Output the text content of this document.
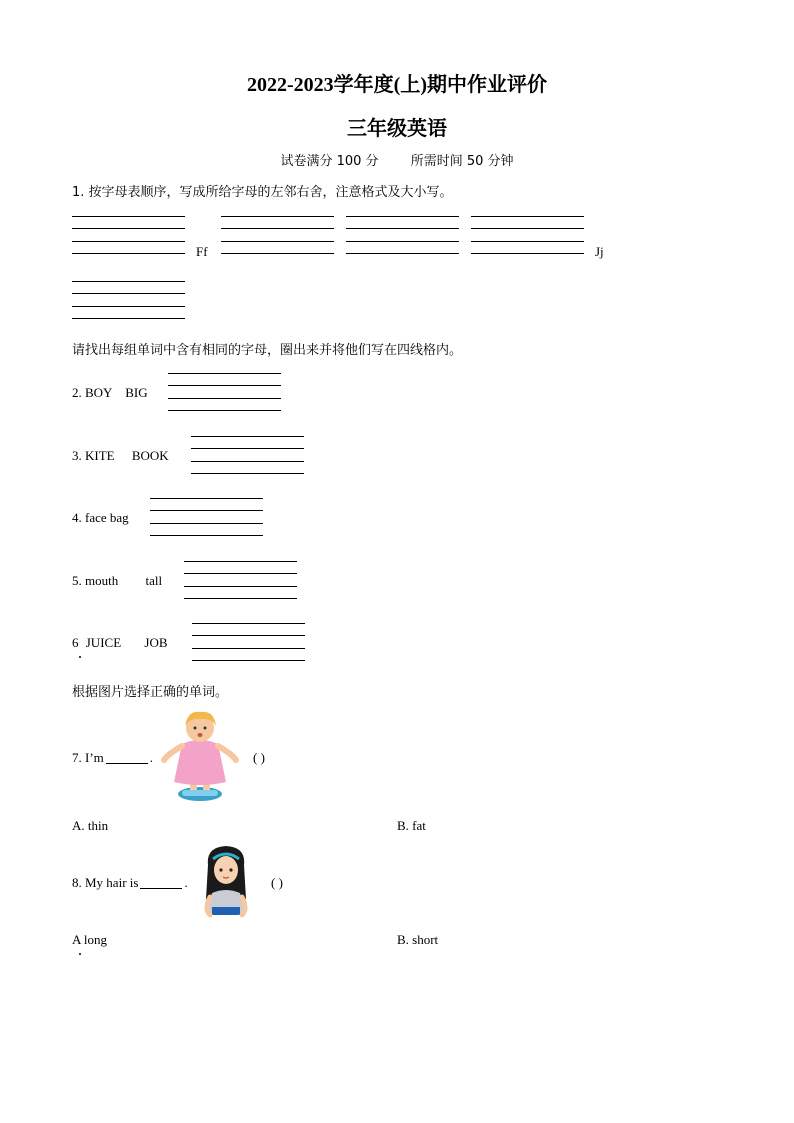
2022-2023学年度(上)期中作业评价
三年级英语
试卷满分 100 分 所需时间 50 分钟
1. 按字母表顺序，写成所给字母的左邻右舍，注意格式及大小写。
Ff	Jj
请找出每组单词中含有相同的字母，圈出来并将他们写在四线格内。
2. BOY BIG
3. KITE BOOK
4. face bag
5. mouth tall
6 JUICE JOB
根据图片选择正确的单词。
7. I’m	.	( )
A. thin	B. fat
8. My hair is	.	( )
A long	B. short
